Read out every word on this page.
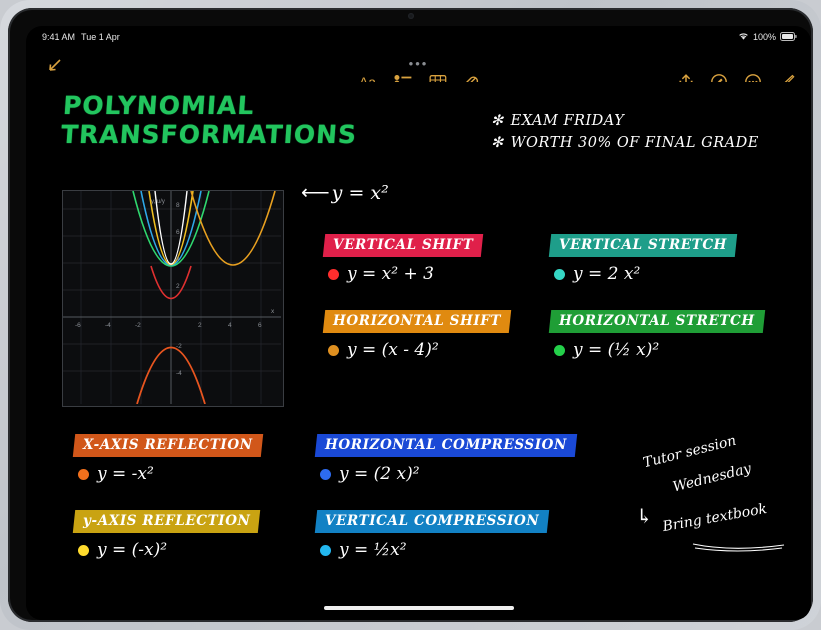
9:41 AM Tue 1 Apr	100%
•••
POLYNOMIAL
TRANSFORMATIONS	✻ EXAM FRIDAY
✻ WORTH 30% OF FINAL GRADE
y, u/y 8
6
4
2
-2
-4
-6	-4	-2	2	4	6
x
⟵ y = x²
VERTICAL SHIFT
y = x² + 3
VERTICAL STRETCH
y = 2 x²
HORIZONTAL SHIFT
y = (x - 4)²
HORIZONTAL STRETCH
y = (½ x)²
X-AXIS REFLECTION
y = -x²
HORIZONTAL COMPRESSION
y = (2 x)²
y-AXIS REFLECTION
y = (-x)²
VERTICAL COMPRESSION
y = ½x²
Tutor session
Wednesday
↳ Bring textbook
